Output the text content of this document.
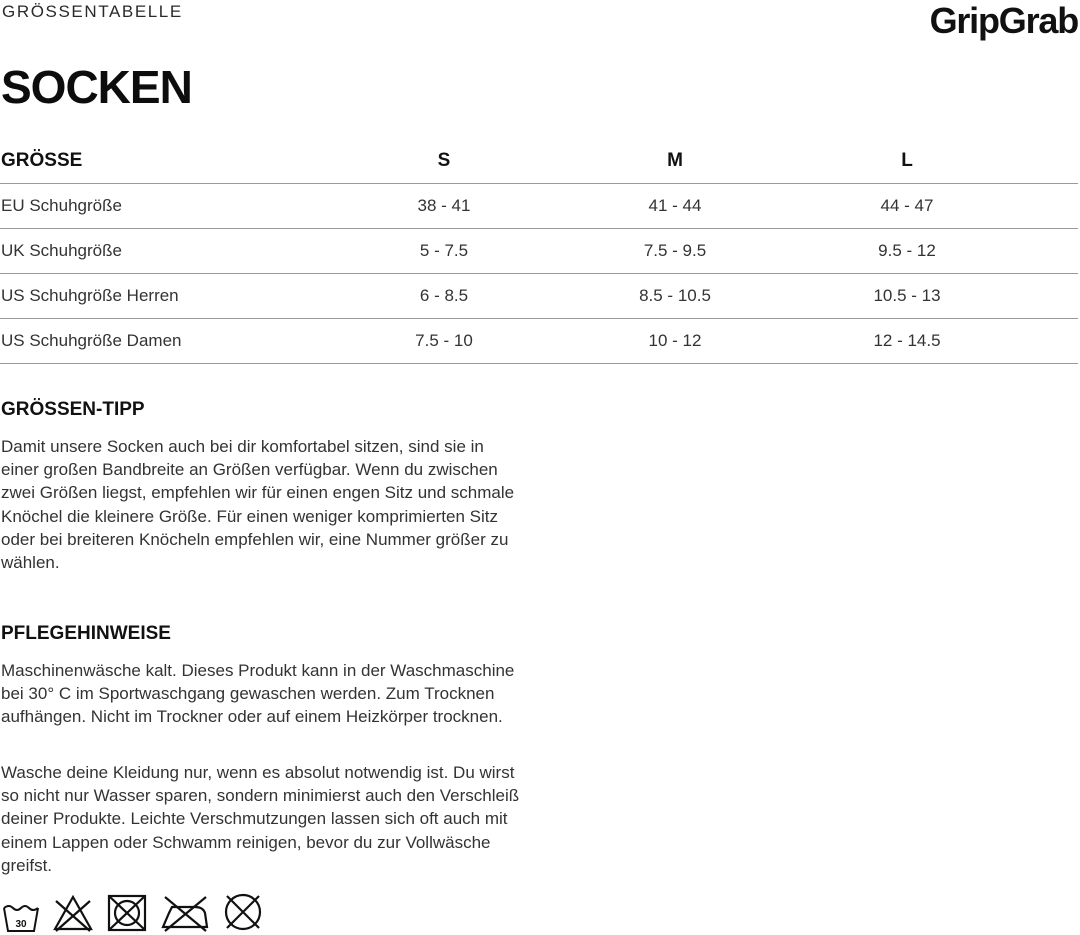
GRÖSSENTABELLE	GripGrab
SOCKEN
GRÖSSE	S	M	L	
EU Schuhgröße	38 - 41	41 - 44	44 - 47	
UK Schuhgröße	5 - 7.5	7.5 - 9.5	9.5 - 12	
US Schuhgröße Herren	6 - 8.5	8.5 - 10.5	10.5 - 13	
US Schuhgröße Damen	7.5 - 10	10 - 12	12 - 14.5	
GRÖSSEN-TIPP

Damit unsere Socken auch bei dir komfortabel sitzen, sind sie in einer großen Bandbreite an Größen verfügbar. Wenn du zwischen zwei Größen liegst, empfehlen wir für einen engen Sitz und schmale Knöchel die kleinere Größe. Für einen weniger komprimierten Sitz oder bei breiteren Knöcheln empfehlen wir, eine Nummer größer zu wählen.

PFLEGEHINWEISE

Maschinenwäsche kalt. Dieses Produkt kann in der Waschmaschine bei 30° C im Sportwaschgang gewaschen werden. Zum Trocknen aufhängen. Nicht im Trockner oder auf einem Heizkörper trocknen.

Wasche deine Kleidung nur, wenn es absolut notwendig ist. Du wirst so nicht nur Wasser sparen, sondern minimierst auch den Verschleiß deiner Produkte. Leichte Verschmutzungen lassen sich oft auch mit einem Lappen oder Schwamm reinigen, bevor du zur Vollwäsche greifst.

30
